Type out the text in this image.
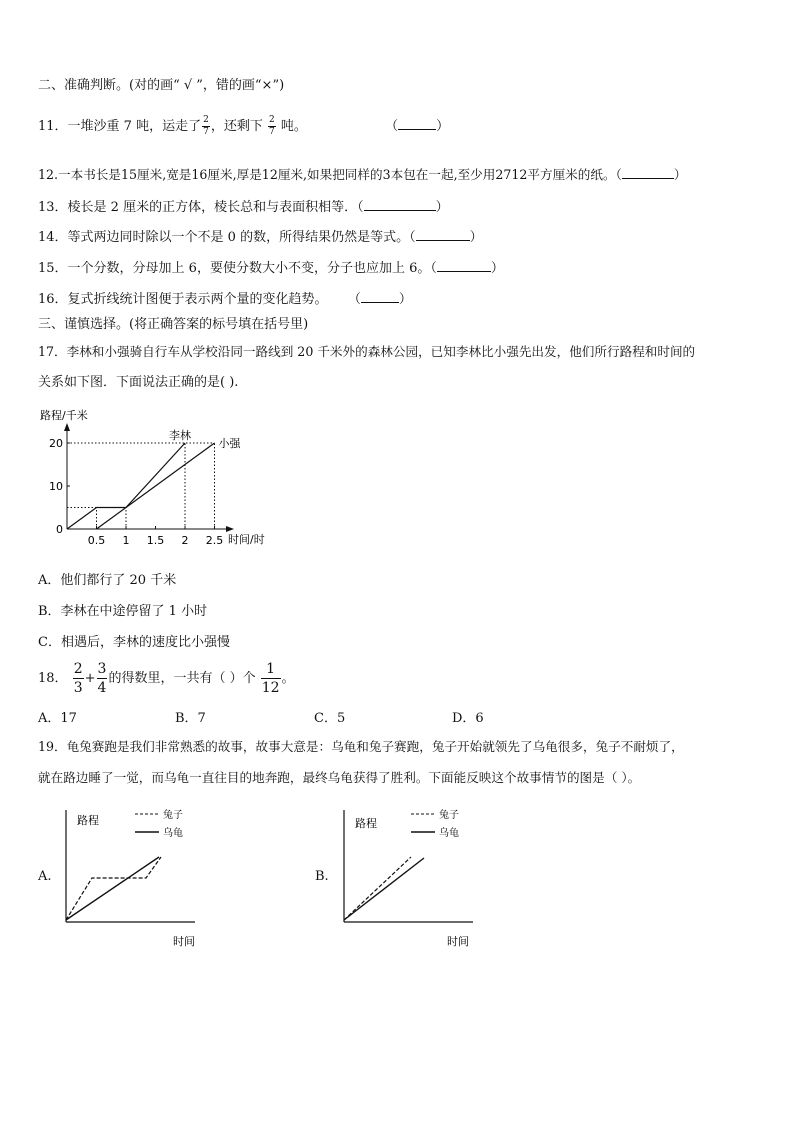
二、准确判断。(对的画“ √ ”，错的画“×”)
11．一堆沙重 7 吨，运走了 $\frac{2}{7}$ ，还剩下 $\frac{2}{7}$ 吨。	（	）
12.一本书长是15厘米,宽是16厘米,厚是12厘米,如果把同样的3本包在一起,至少用2712平方厘米的纸。（	）
13．棱长是 2 厘米的正方体，棱长总和与表面积相等．（	）
14．等式两边同时除以一个不是 0 的数，所得结果仍然是等式。（	）
15．一个分数，分母加上 6，要使分数大小不变，分子也应加上 6。（	）
16．复式折线统计图便于表示两个量的变化趋势。 （	）
三、谨慎选择。(将正确答案的标号填在括号里)
17．李林和小强骑自行车从学校沿同一路线到 20 千米外的森林公园，已知李林比小强先出发，他们所行路程和时间的
关系如下图．下面说法正确的是( ).
路程/千米
时间/时
李林
小强
0.5 1 1.5 2 2.5
0
10
20
A．他们都行了 20 千米
B．李林在中途停留了 1 小时
C．相遇后，李林的速度比小强慢
18． $\frac{2}{3} + \frac{3}{4}$ 的得数里，一共有（ ）个 $\frac{1}{12}$ 。
A．17	B．7	C．5	D．6
19．龟兔赛跑是我们非常熟悉的故事，故事大意是：乌龟和兔子赛跑，兔子开始就领先了乌龟很多，兔子不耐烦了，
就在路边睡了一觉，而乌龟一直往目的地奔跑，最终乌龟获得了胜利。下面能反映这个故事情节的图是（ ）。
A.
路程
时间
兔子
乌龟
B.
路程
时间
兔子
乌龟
